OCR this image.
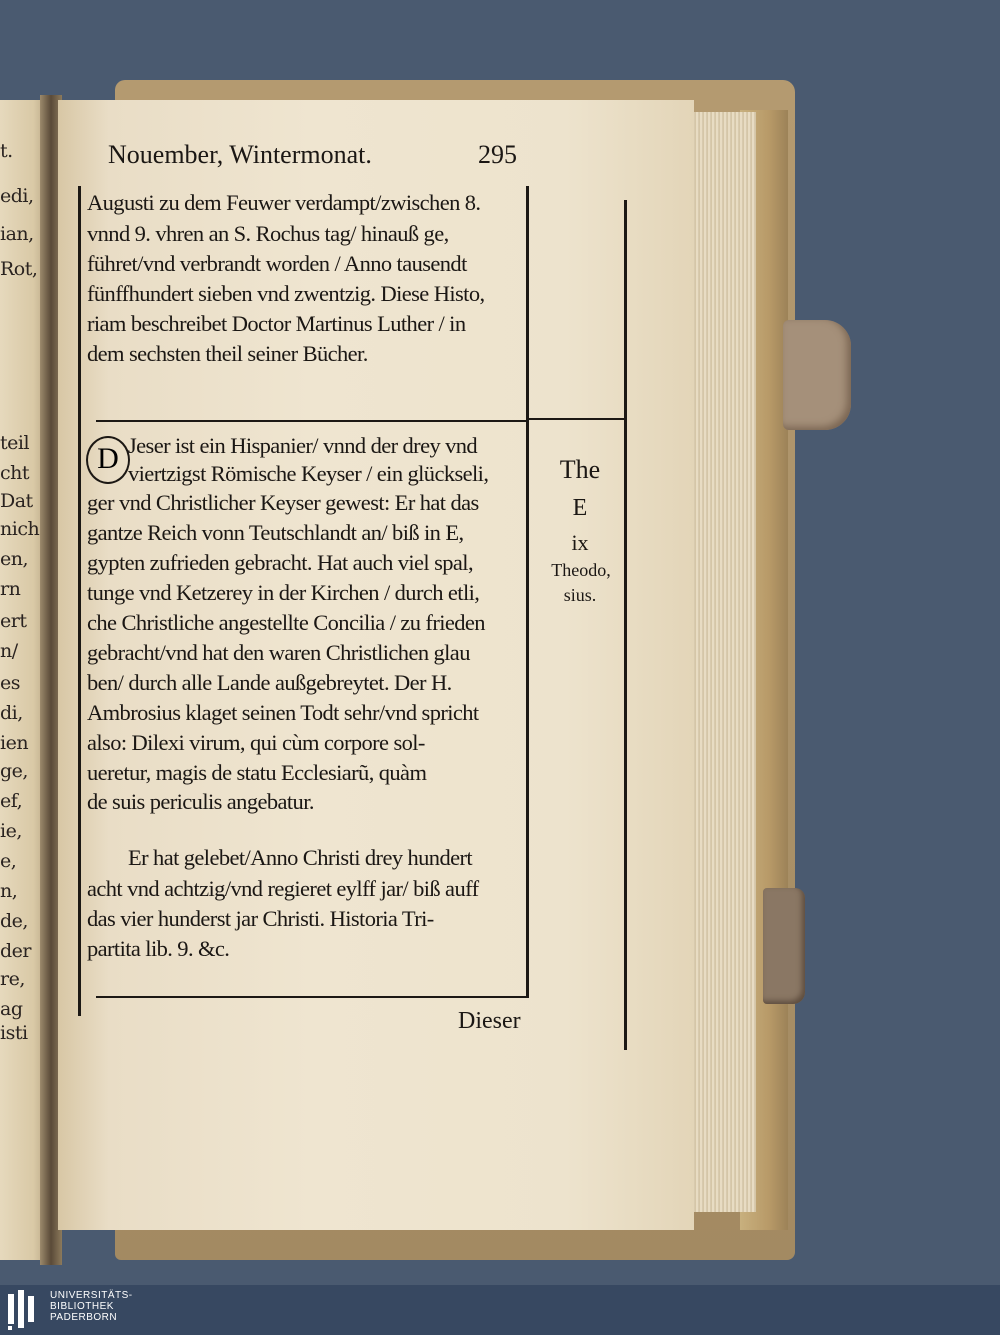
t.
edi,
ian,
Rot,
teil
cht
Dat
nich
en,
rn
ert
n/
es
di,
ien
ge,
ef,
ie,
e,
n,
de,
der
re,
ag
isti
Nouember, Wintermonat.	295
Augusti zu dem Feuwer verdampt/zwischen 8.
vnnd 9. vhren an S. Rochus tag/ hinauß ge,
führet/vnd verbrandt worden / Anno tausendt
fünffhundert sieben vnd zwentzig. Diese Histo,
riam beschreibet Doctor Martinus Luther / in
dem sechsten theil seiner Bücher.
D Jeser ist ein Hispanier/ vnnd der drey vnd
viertzigst Römische Keyser / ein glückseli,
ger vnd Christlicher Keyser gewest: Er hat das
gantze Reich vonn Teutschlandt an/ biß in E,
gypten zufrieden gebracht. Hat auch viel spal,
tunge vnd Ketzerey in der Kirchen / durch etli,
che Christliche angestellte Concilia / zu frieden
gebracht/vnd hat den waren Christlichen glau
ben/ durch alle Lande außgebreytet. Der H.
Ambrosius klaget seinen Todt sehr/vnd spricht
also: Dilexi virum, qui cùm corpore sol-
ueretur, magis de statu Ecclesiarũ, quàm
de suis periculis angebatur.
Er hat gelebet/Anno Christi drey hundert
acht vnd achtzig/vnd regieret eylff jar/ biß auff
das vier hunderst jar Christi. Historia Tri-
partita lib. 9. &c.
The
E
ix
Theodo,
sius.
Dieser
UNIVERSITÄTS-
BIBLIOTHEK
PADERBORN
